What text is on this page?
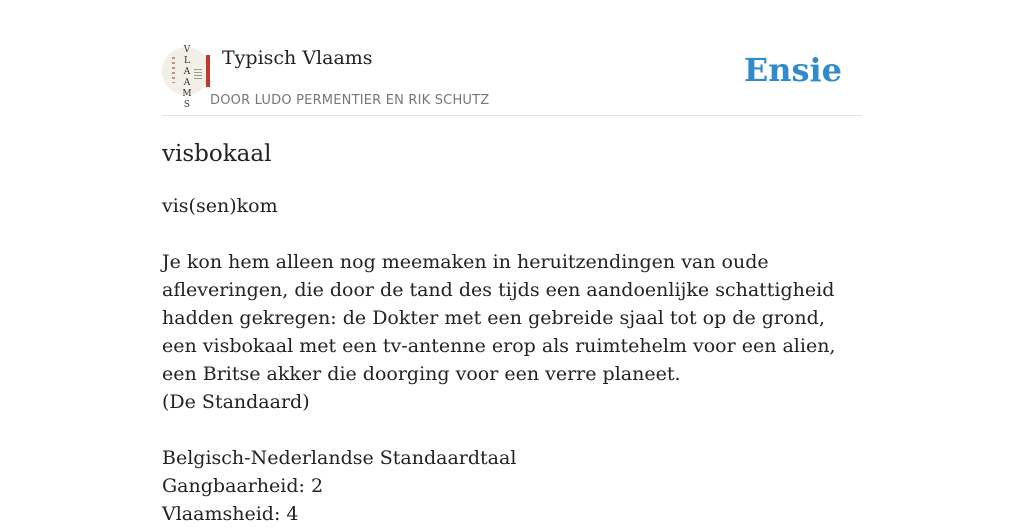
V
L
A
A
M
S
Typisch Vlaams
DOOR LUDO PERMENTIER EN RIK SCHUTZ
Ensie
visbokaal
vis(sen)kom
Je kon hem alleen nog meemaken in heruitzendingen van oude afleveringen, die door de tand des tijds een aandoenlijke schattigheid hadden gekregen: de Dokter met een gebreide sjaal tot op de grond, een visbokaal met een tv-antenne erop als ruimtehelm voor een alien, een Britse akker die doorging voor een verre planeet.
(De Standaard)
Belgisch-Nederlandse Standaardtaal
Gangbaarheid: 2
Vlaamsheid: 4
